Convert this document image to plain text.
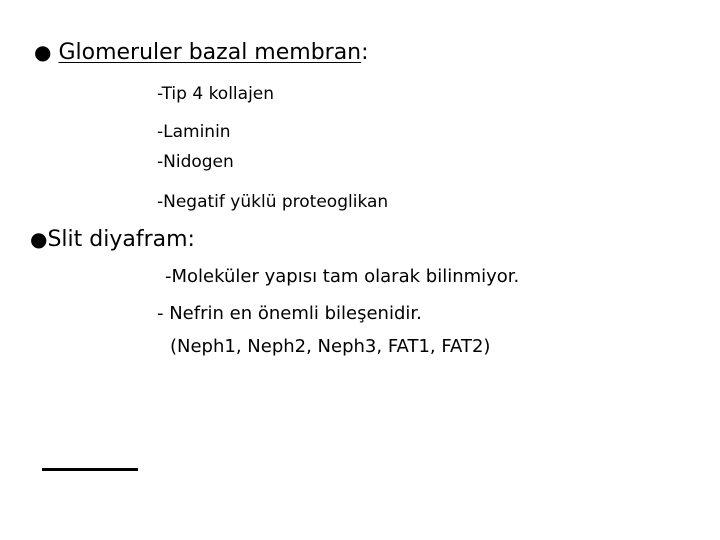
● Glomeruler bazal membran:
-Tip 4 kollajen
-Laminin
-Nidogen
-Negatif yüklü proteoglikan
●Slit diyafram:
-Moleküler yapısı tam olarak bilinmiyor.
- Nefrin en önemli bileşenidir.
(Neph1, Neph2, Neph3, FAT1, FAT2)
